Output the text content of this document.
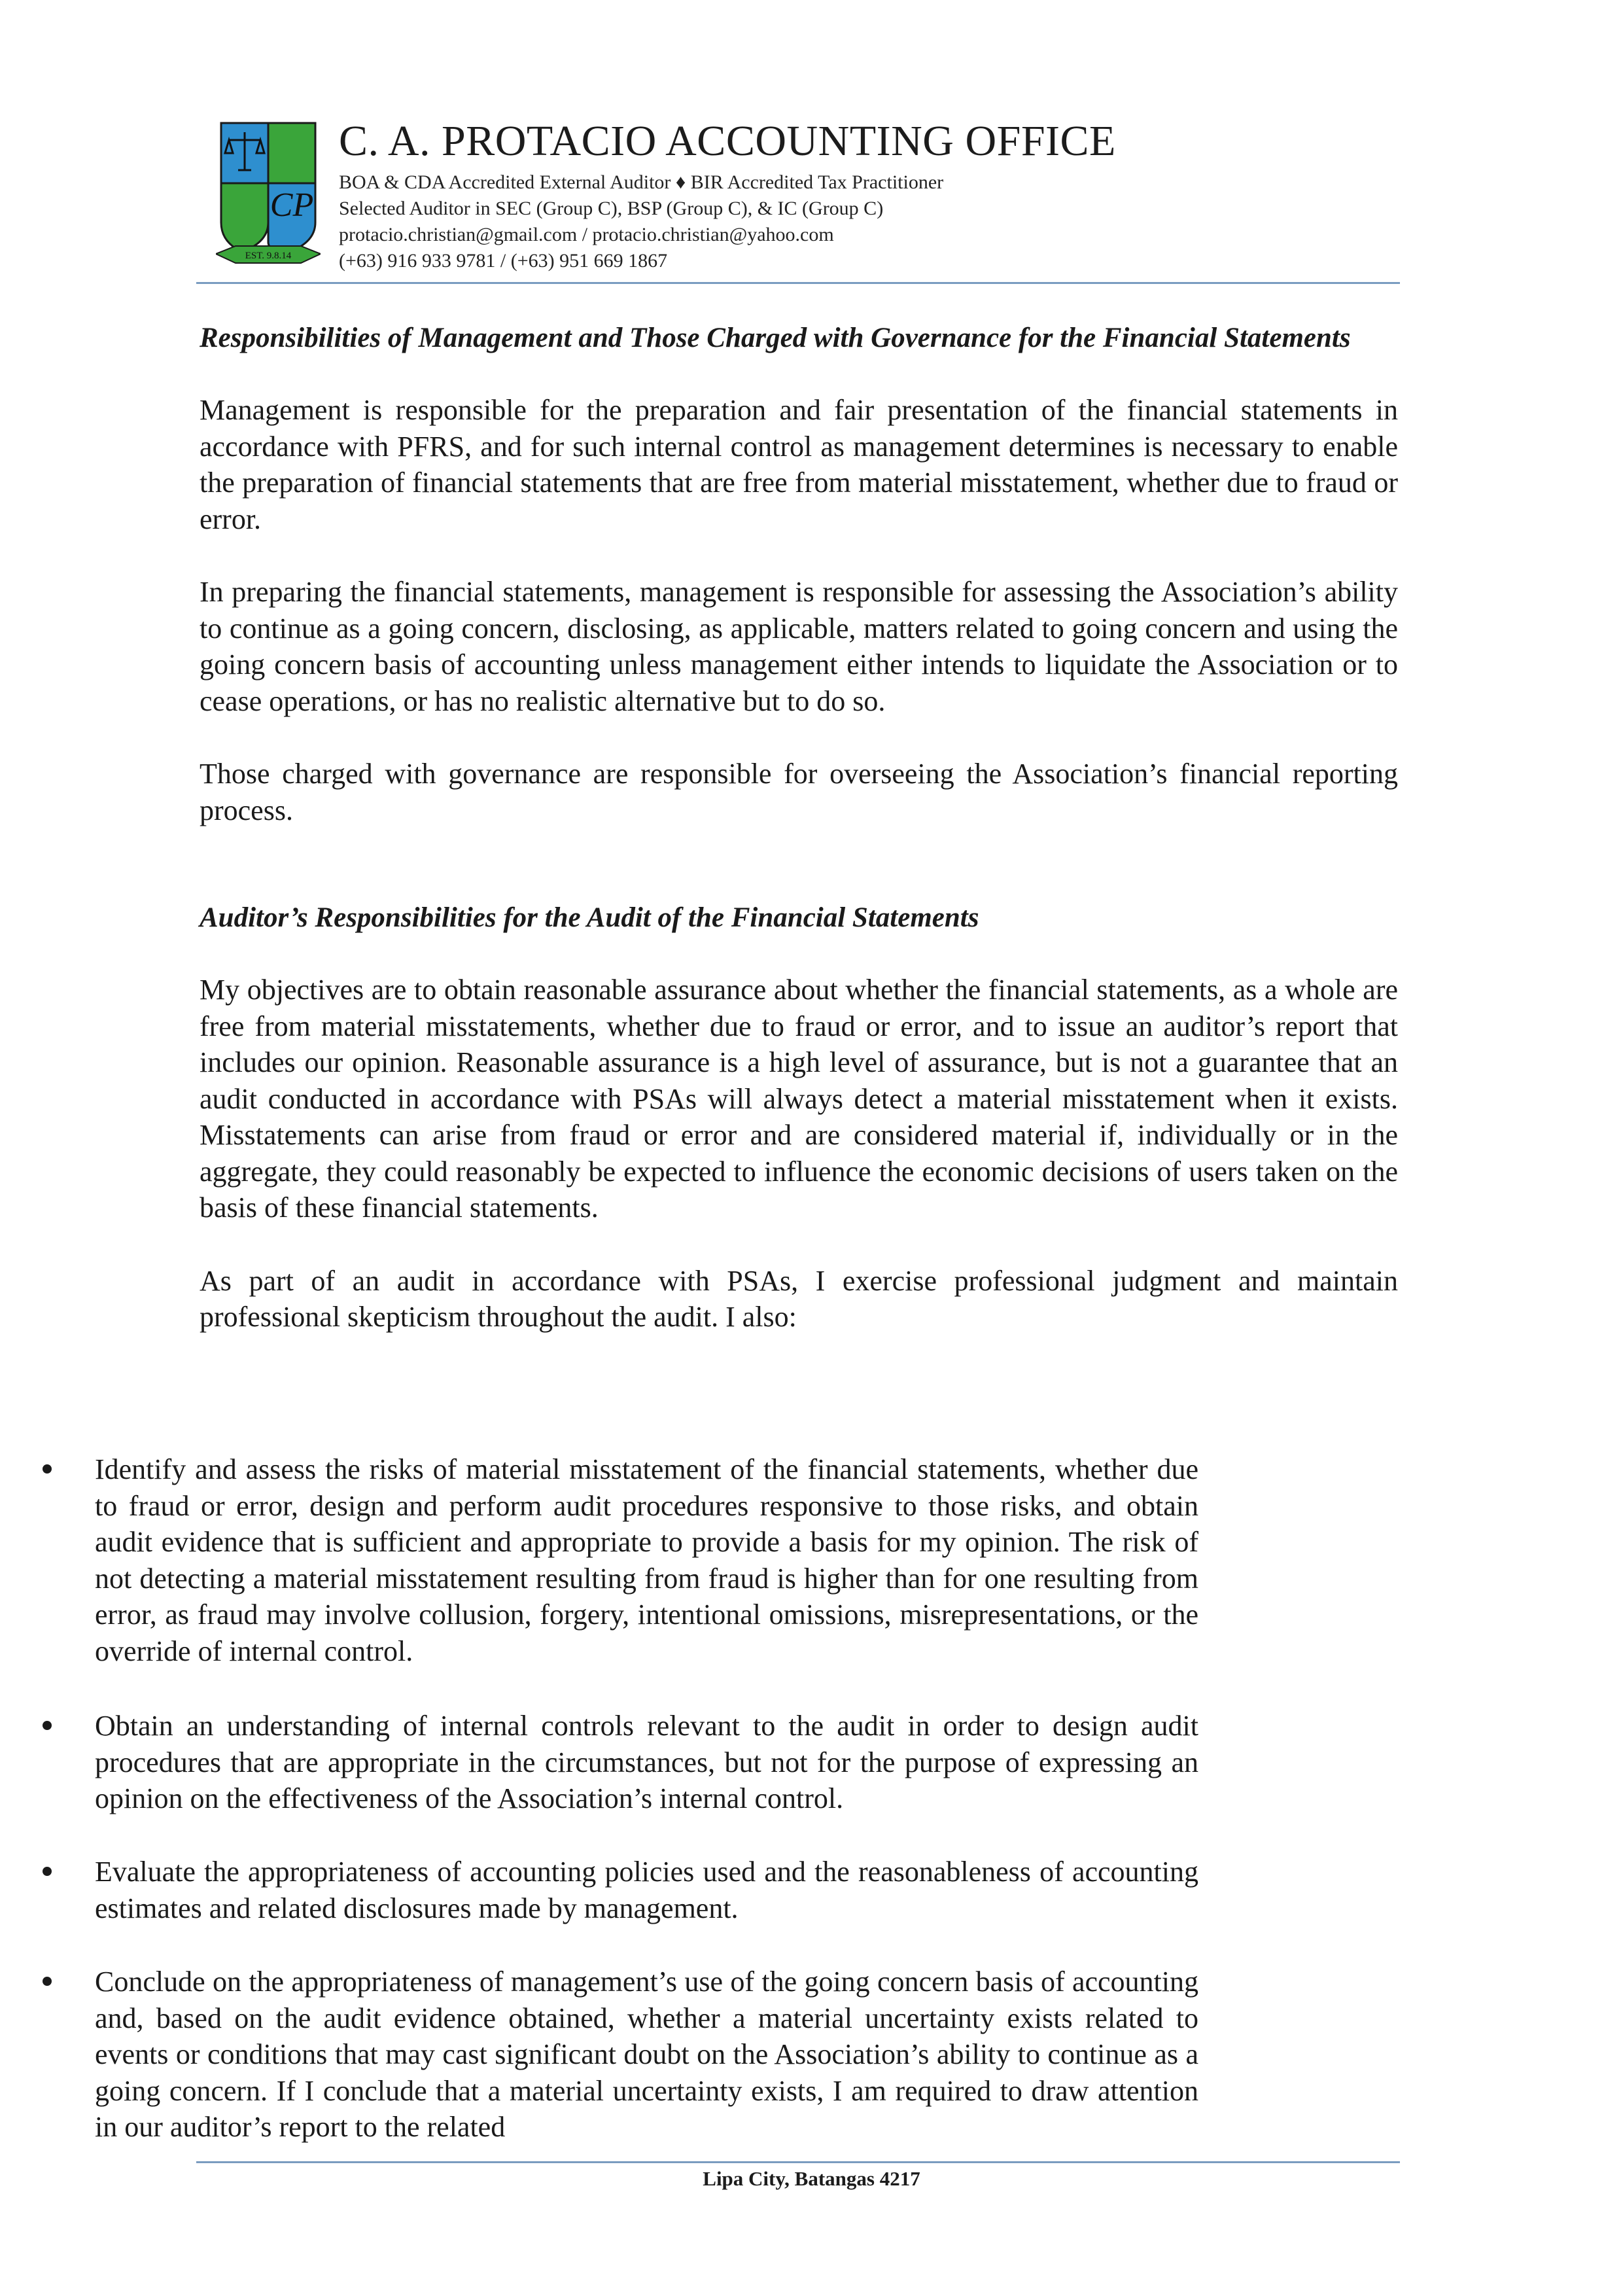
CP
EST. 9.8.14
C. A. PROTACIO ACCOUNTING OFFICE
BOA & CDA Accredited External Auditor ♦ BIR Accredited Tax Practitioner
Selected Auditor in SEC (Group C), BSP (Group C), & IC (Group C)
protacio.christian@gmail.com / protacio.christian@yahoo.com
(+63) 916 933 9781 / (+63) 951 669 1867

Responsibilities of Management and Those Charged with Governance for the Financial Statements

Management is responsible for the preparation and fair presentation of the financial statements in accordance with PFRS, and for such internal control as management determines is necessary to enable the preparation of financial statements that are free from material misstatement, whether due to fraud or error.

In preparing the financial statements, management is responsible for assessing the Association’s ability to continue as a going concern, disclosing, as applicable, matters related to going concern and using the going concern basis of accounting unless management either intends to liquidate the Association or to cease operations, or has no realistic alternative but to do so.

Those charged with governance are responsible for overseeing the Association’s financial reporting process.

Auditor’s Responsibilities for the Audit of the Financial Statements

My objectives are to obtain reasonable assurance about whether the financial statements, as a whole are free from material misstatements, whether due to fraud or error, and to issue an auditor’s report that includes our opinion. Reasonable assurance is a high level of assurance, but is not a guarantee that an audit conducted in accordance with PSAs will always detect a material misstatement when it exists. Misstatements can arise from fraud or error and are considered material if, individually or in the aggregate, they could reasonably be expected to influence the economic decisions of users taken on the basis of these financial statements.

As part of an audit in accordance with PSAs, I exercise professional judgment and maintain professional skepticism throughout the audit. I also:

Identify and assess the risks of material misstatement of the financial statements, whether due to fraud or error, design and perform audit procedures responsive to those risks, and obtain audit evidence that is sufficient and appropriate to provide a basis for my opinion. The risk of not detecting a material misstatement resulting from fraud is higher than for one resulting from error, as fraud may involve collusion, forgery, intentional omissions, misrepresentations, or the override of internal control.
Obtain an understanding of internal controls relevant to the audit in order to design audit procedures that are appropriate in the circumstances, but not for the purpose of expressing an opinion on the effectiveness of the Association’s internal control.
Evaluate the appropriateness of accounting policies used and the reasonableness of accounting estimates and related disclosures made by management.
Conclude on the appropriateness of management’s use of the going concern basis of accounting and, based on the audit evidence obtained, whether a material uncertainty exists related to events or conditions that may cast significant doubt on the Association’s ability to continue as a going concern. If I conclude that a material uncertainty exists, I am required to draw attention in our auditor’s report to the related
Lipa City, Batangas 4217
